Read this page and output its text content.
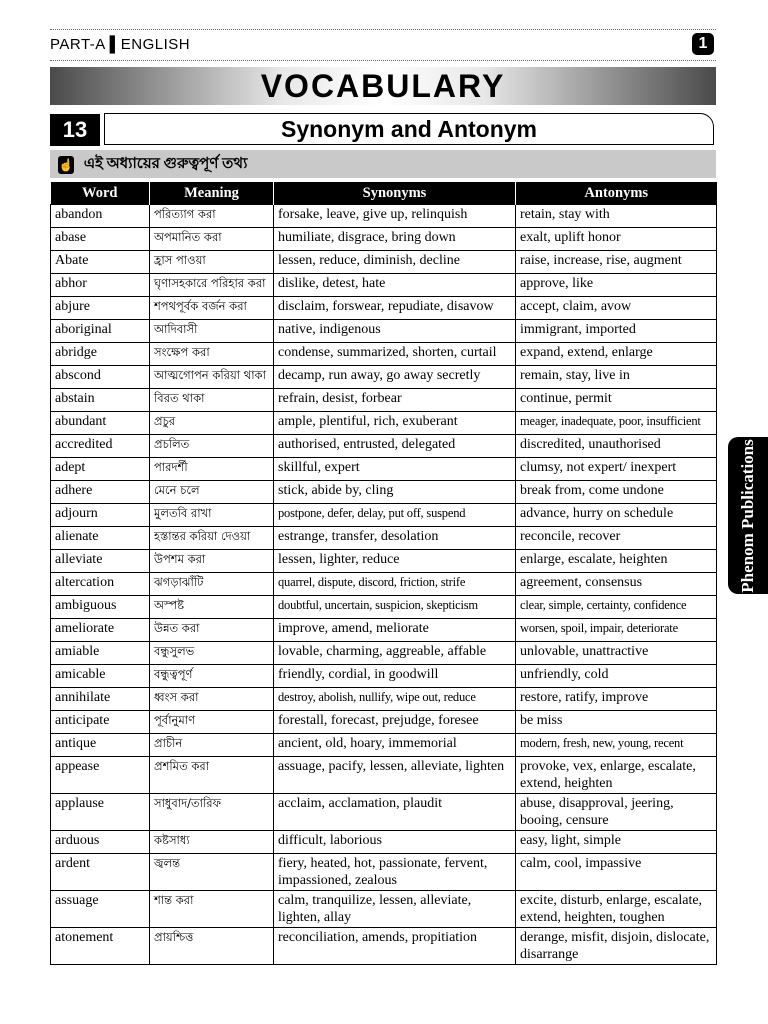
PART-A ▌ENGLISH	1
VOCABULARY
13	Synonym and Antonym
☝ এই অধ্যায়ের গুরুত্বপূর্ণ তথ্য
Word	Meaning	Synonyms	Antonyms
abandon	পরিত্যাগ করা	forsake, leave, give up, relinquish	retain, stay with
abase	অপমানিত করা	humiliate, disgrace, bring down	exalt, uplift honor
Abate	হ্রাস পাওয়া	lessen, reduce, diminish, decline	raise, increase, rise, augment
abhor	ঘৃণাসহকারে পরিহার করা	dislike, detest, hate	approve, like
abjure	শপথপূর্বক বর্জন করা	disclaim, forswear, repudiate, disavow	accept, claim, avow
aboriginal	আদিবাসী	native, indigenous	immigrant, imported
abridge	সংক্ষেপ করা	condense, summarized, shorten, curtail	expand, extend, enlarge
abscond	আত্মগোপন করিয়া থাকা	decamp, run away, go away secretly	remain, stay, live in
abstain	বিরত থাকা	refrain, desist, forbear	continue, permit
abundant	প্রচুর	ample, plentiful, rich, exuberant	meager, inadequate, poor, insufficient
accredited	প্রচলিত	authorised, entrusted, delegated	discredited, unauthorised
adept	পারদর্শী	skillful, expert	clumsy, not expert/ inexpert
adhere	মেনে চলে	stick, abide by, cling	break from, come undone
adjourn	মুলতবি রাখা	postpone, defer, delay, put off, suspend	advance, hurry on schedule
alienate	হস্তান্তর করিয়া দেওয়া	estrange, transfer, desolation	reconcile, recover
alleviate	উপশম করা	lessen, lighter, reduce	enlarge, escalate, heighten
altercation	ঝগড়াঝাঁটি	quarrel, dispute, discord, friction, strife	agreement, consensus
ambiguous	অস্পষ্ট	doubtful, uncertain, suspicion, skepticism	clear, simple, certainty, confidence
ameliorate	উন্নত করা	improve, amend, meliorate	worsen, spoil, impair, deteriorate
amiable	বন্ধুসুলভ	lovable, charming, aggreable, affable	unlovable, unattractive
amicable	বন্ধুত্বপূর্ণ	friendly, cordial, in goodwill	unfriendly, cold
annihilate	ধ্বংস করা	destroy, abolish, nullify, wipe out, reduce	restore, ratify, improve
anticipate	পূর্বানুমাণ	forestall, forecast, prejudge, foresee	be miss
antique	প্রাচীন	ancient, old, hoary, immemorial	modern, fresh, new, young, recent
appease	প্রশমিত করা	assuage, pacify, lessen, alleviate, lighten	provoke, vex, enlarge, escalate, extend, heighten
applause	সাধুবাদ/তারিফ	acclaim, acclamation, plaudit	abuse, disapproval, jeering, booing, censure
arduous	কষ্টসাধ্য	difficult, laborious	easy, light, simple
ardent	জ্বলন্ত	fiery, heated, hot, passionate, fervent, impassioned, zealous	calm, cool, impassive
assuage	শান্ত করা	calm, tranquilize, lessen, alleviate, lighten, allay	excite, disturb, enlarge, escalate, extend, heighten, toughen
atonement	প্রায়শ্চিত্ত	reconciliation, amends, propitiation	derange, misfit, disjoin, dislocate, disarrange
Phenom Publications
